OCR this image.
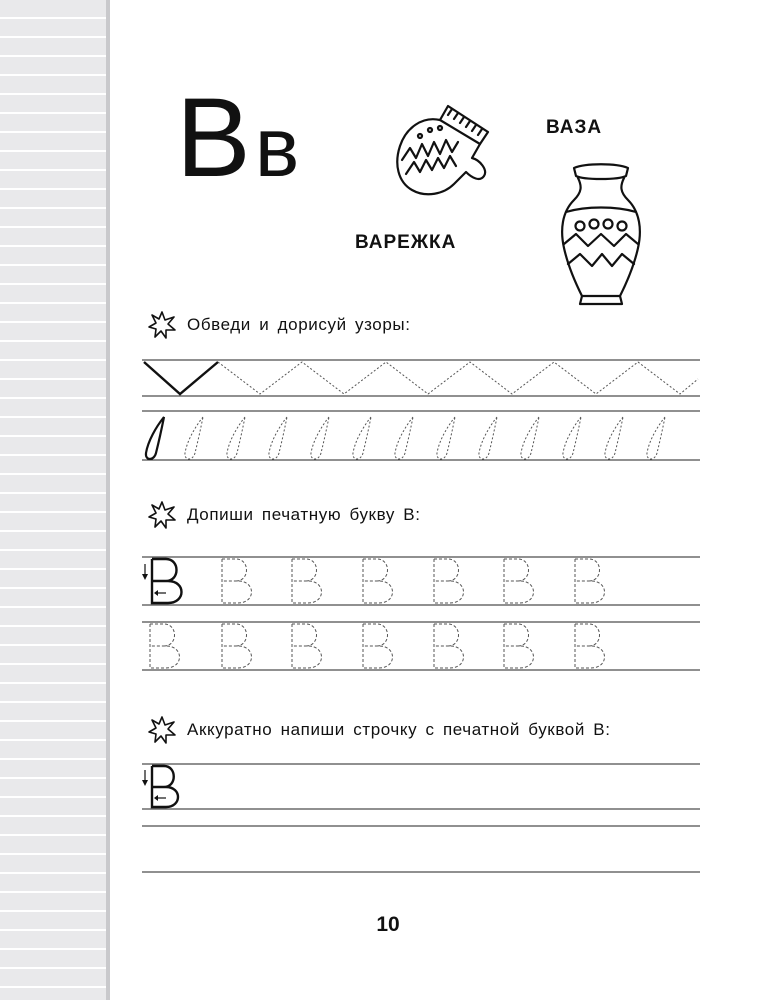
Вв	ВАЗА
ВАРЕЖКА
Обведи и дорисуй узоры:
Допиши печатную букву В:
Аккуратно напиши строчку с печатной буквой В:
10
